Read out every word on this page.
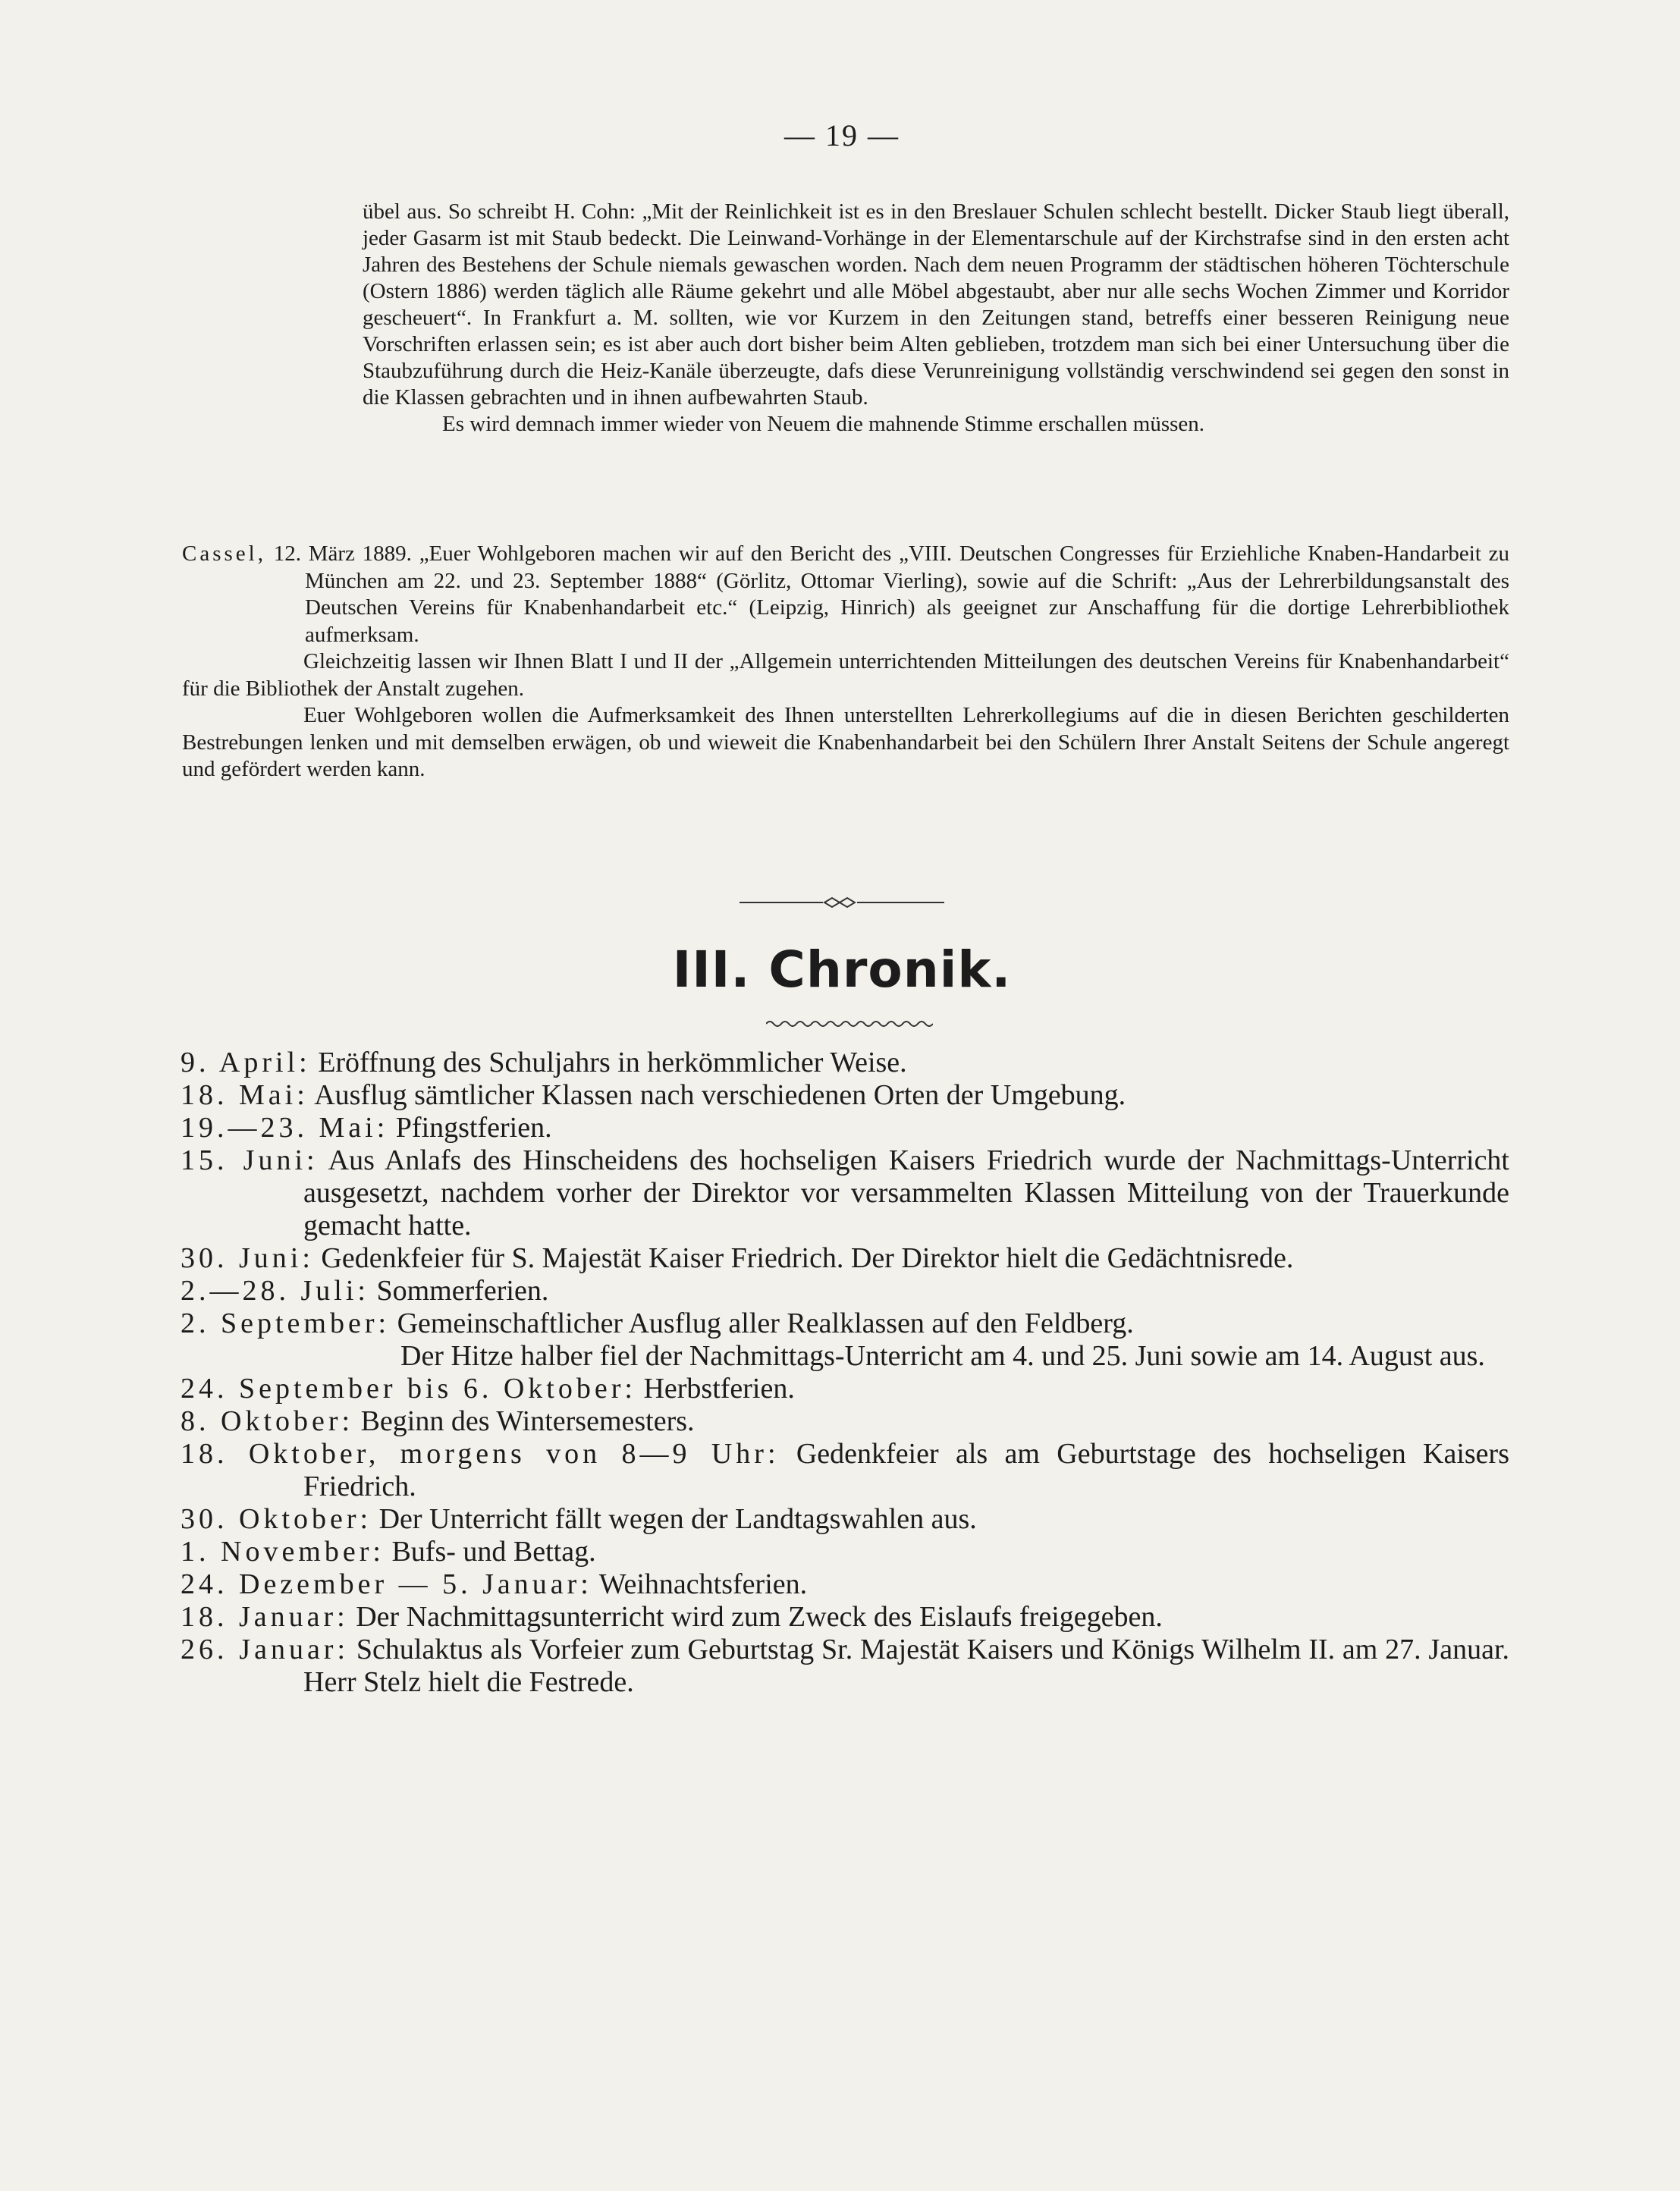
— 19 —

übel aus. So schreibt H. Cohn: „Mit der Reinlichkeit ist es in den Breslauer Schulen schlecht bestellt. Dicker Staub liegt überall, jeder Gasarm ist mit Staub bedeckt. Die Leinwand-Vorhänge in der Elementarschule auf der Kirchstrafse sind in den ersten acht Jahren des Bestehens der Schule niemals gewaschen worden. Nach dem neuen Programm der städtischen höheren Töchterschule (Ostern 1886) werden täglich alle Räume gekehrt und alle Möbel abgestaubt, aber nur alle sechs Wochen Zimmer und Korridor gescheuert“. In Frankfurt a. M. sollten, wie vor Kurzem in den Zeitungen stand, betreffs einer besseren Reinigung neue Vorschriften erlassen sein; es ist aber auch dort bisher beim Alten geblieben, trotzdem man sich bei einer Untersuchung über die Staubzuführung durch die Heiz-Kanäle überzeugte, dafs diese Verunreinigung vollständig verschwindend sei gegen den sonst in die Klassen gebrachten und in ihnen aufbewahrten Staub.

Es wird demnach immer wieder von Neuem die mahnende Stimme erschallen müssen.

Cassel, 12. März 1889. „Euer Wohlgeboren machen wir auf den Bericht des „VIII. Deutschen Congresses für Erziehliche Knaben-Handarbeit zu München am 22. und 23. September 1888“ (Görlitz, Ottomar Vierling), sowie auf die Schrift: „Aus der Lehrerbildungsanstalt des Deutschen Vereins für Knabenhandarbeit etc.“ (Leipzig, Hinrich) als geeignet zur Anschaffung für die dortige Lehrerbibliothek aufmerksam.

Gleichzeitig lassen wir Ihnen Blatt I und II der „Allgemein unterrichtenden Mitteilungen des deutschen Vereins für Knabenhandarbeit“ für die Bibliothek der Anstalt zugehen.

Euer Wohlgeboren wollen die Aufmerksamkeit des Ihnen unterstellten Lehrerkollegiums auf die in diesen Berichten geschilderten Bestrebungen lenken und mit demselben erwägen, ob und wieweit die Knabenhandarbeit bei den Schülern Ihrer Anstalt Seitens der Schule angeregt und gefördert werden kann.

III. Chronik.

9. April: Eröffnung des Schuljahrs in herkömmlicher Weise.

18. Mai: Ausflug sämtlicher Klassen nach verschiedenen Orten der Umgebung.

19.—23. Mai: Pfingstferien.

15. Juni: Aus Anlafs des Hinscheidens des hochseligen Kaisers Friedrich wurde der Nachmittags-Unterricht ausgesetzt, nachdem vorher der Direktor vor versammelten Klassen Mitteilung von der Trauerkunde gemacht hatte.

30. Juni: Gedenkfeier für S. Majestät Kaiser Friedrich. Der Direktor hielt die Gedächtnisrede.

2.—28. Juli: Sommerferien.

2. September: Gemeinschaftlicher Ausflug aller Realklassen auf den Feldberg.

Der Hitze halber fiel der Nachmittags-Unterricht am 4. und 25. Juni sowie am 14. August aus.

24. September bis 6. Oktober: Herbstferien.

8. Oktober: Beginn des Wintersemesters.

18. Oktober, morgens von 8—9 Uhr: Gedenkfeier als am Geburtstage des hochseligen Kaisers Friedrich.

30. Oktober: Der Unterricht fällt wegen der Landtagswahlen aus.

1. November: Bufs- und Bettag.

24. Dezember — 5. Januar: Weihnachtsferien.

18. Januar: Der Nachmittagsunterricht wird zum Zweck des Eislaufs freigegeben.

26. Januar: Schulaktus als Vorfeier zum Geburtstag Sr. Majestät Kaisers und Königs Wilhelm II. am 27. Januar. Herr Stelz hielt die Festrede.
